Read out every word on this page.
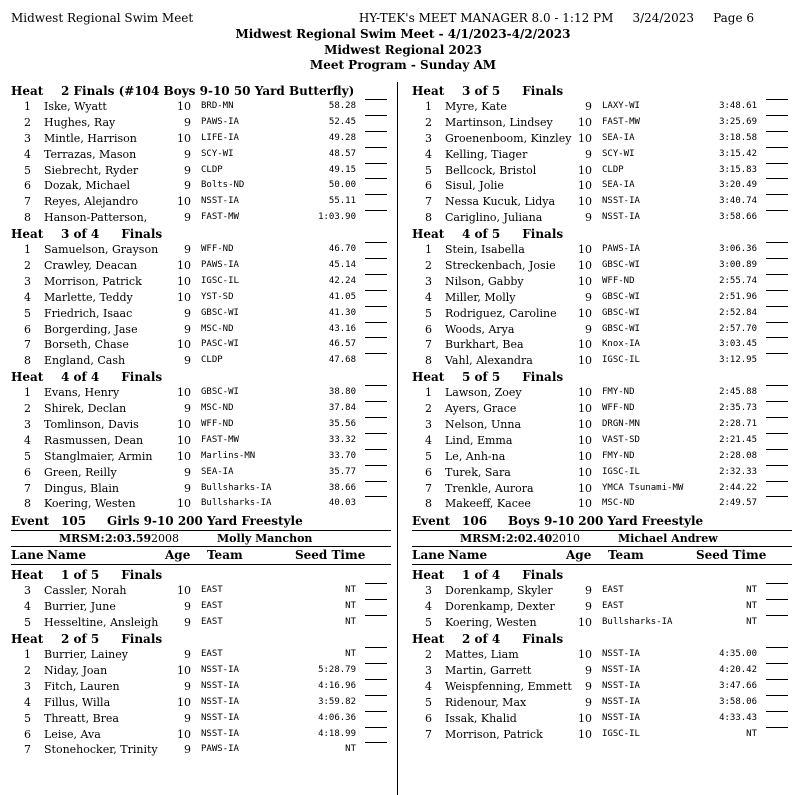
Midwest Regional Swim Meet	HY-TEK's MEET MANAGER 8.0 - 1:12 PM     3/24/2023     Page 6
Midwest Regional Swim Meet - 4/1/2023-4/2/2023
Midwest Regional 2023
Meet Program - Sunday AM
Heat 2 Finals (#104 Boys 9-10 50 Yard Butterfly)
1 Iske, Wyatt	10 BRD-MN	58.28
2 Hughes, Ray	9 PAWS-IA	52.45
3 Mintle, Harrison	10 LIFE-IA	49.28
4 Terrazas, Mason	9 SCY-WI	48.57
5 Siebrecht, Ryder	9 CLDP	49.15
6 Dozak, Michael	9 Bolts-ND	50.00
7 Reyes, Alejandro	10 NSST-IA	55.11
8 Hanson-Patterson,	9 FAST-MW	1:03.90
Heat 3 of 4 Finals
1 Samuelson, Grayson	9 WFF-ND	46.70
2 Crawley, Deacan	10 PAWS-IA	45.14
3 Morrison, Patrick	10 IGSC-IL	42.24
4 Marlette, Teddy	10 YST-SD	41.05
5 Friedrich, Isaac	9 GBSC-WI	41.30
6 Borgerding, Jase	9 MSC-ND	43.16
7 Borseth, Chase	10 PASC-WI	46.57
8 England, Cash	9 CLDP	47.68
Heat 4 of 4 Finals
1 Evans, Henry	10 GBSC-WI	38.80
2 Shirek, Declan	9 MSC-ND	37.84
3 Tomlinson, Davis	10 WFF-ND	35.56
4 Rasmussen, Dean	10 FAST-MW	33.32
5 Stanglmaier, Armin	10 Marlins-MN	33.70
6 Green, Reilly	9 SEA-IA	35.77
7 Dingus, Blain	9 Bullsharks-IA	38.66
8 Koering, Westen	10 Bullsharks-IA	40.03
Event 105 Girls 9-10 200 Yard Freestyle
MRSM: 2:03.59 2008	Molly Manchon
Lane Name	Age Team	Seed Time
Heat 1 of 5 Finals
3 Cassler, Norah	10 EAST	NT
4 Burrier, June	9 EAST	NT
5 Hesseltine, Ansleigh	9 EAST	NT
Heat 2 of 5 Finals
1 Burrier, Lainey	9 EAST	NT
2 Niday, Joan	10 NSST-IA	5:28.79
3 Fitch, Lauren	9 NSST-IA	4:16.96
4 Fillus, Willa	10 NSST-IA	3:59.82
5 Threatt, Brea	9 NSST-IA	4:06.36
6 Leise, Ava	10 NSST-IA	4:18.99
7 Stonehocker, Trinity	9 PAWS-IA	NT
Heat 3 of 5 Finals
1 Myre, Kate	9 LAXY-WI	3:48.61
2 Martinson, Lindsey	10 FAST-MW	3:25.69
3 Groenenboom, Kinzley 10 SEA-IA	3:18.58
4 Kelling, Tiager	9 SCY-WI	3:15.42
5 Bellcock, Bristol	10 CLDP	3:15.83
6 Sisul, Jolie	10 SEA-IA	3:20.49
7 Nessa Kucuk, Lidya	10 NSST-IA	3:40.74
8 Cariglino, Juliana	9 NSST-IA	3:58.66
Heat 4 of 5 Finals
1 Stein, Isabella	10 PAWS-IA	3:06.36
2 Streckenbach, Josie	10 GBSC-WI	3:00.89
3 Nilson, Gabby	10 WFF-ND	2:55.74
4 Miller, Molly	9 GBSC-WI	2:51.96
5 Rodriguez, Caroline	10 GBSC-WI	2:52.84
6 Woods, Arya	9 GBSC-WI	2:57.70
7 Burkhart, Bea	10 Knox-IA	3:03.45
8 Vahl, Alexandra	10 IGSC-IL	3:12.95
Heat 5 of 5 Finals
1 Lawson, Zoey	10 FMY-ND	2:45.88
2 Ayers, Grace	10 WFF-ND	2:35.73
3 Nelson, Unna	10 DRGN-MN	2:28.71
4 Lind, Emma	10 VAST-SD	2:21.45
5 Le, Anh-na	10 FMY-ND	2:28.08
6 Turek, Sara	10 IGSC-IL	2:32.33
7 Trenkle, Aurora	10 YMCA Tsunami-MW	2:44.22
8 Makeeff, Kacee	10 MSC-ND	2:49.57
Event 106 Boys 9-10 200 Yard Freestyle
MRSM: 2:02.40 2010	Michael Andrew
Lane Name	Age Team	Seed Time
Heat 1 of 4 Finals
3 Dorenkamp, Skyler	9 EAST	NT
4 Dorenkamp, Dexter	9 EAST	NT
5 Koering, Westen	10 Bullsharks-IA	NT
Heat 2 of 4 Finals
2 Mattes, Liam	10 NSST-IA	4:35.00
3 Martin, Garrett	9 NSST-IA	4:20.42
4 Weispfenning, Emmett	9 NSST-IA	3:47.66
5 Ridenour, Max	9 NSST-IA	3:58.06
6 Issak, Khalid	10 NSST-IA	4:33.43
7 Morrison, Patrick	10 IGSC-IL	NT
